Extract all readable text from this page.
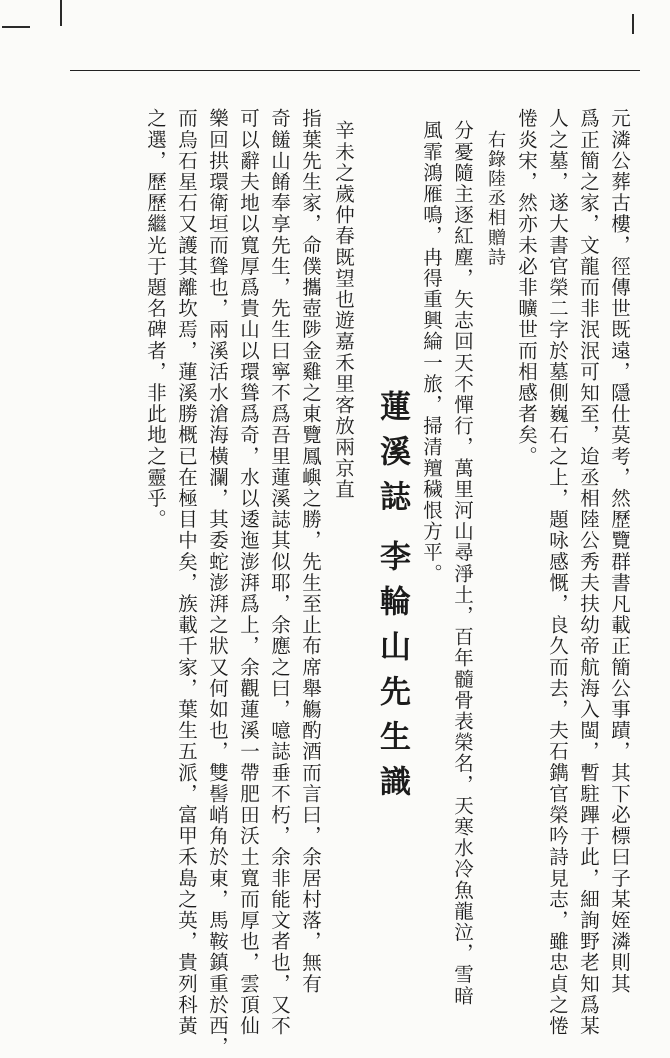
元潾公葬古樓，徑傳世既遠，隱仕莫考，然歷覽群書凡載正簡公事蹟，其下必標曰子某姪潾則其
爲正簡之家，文龍而非泯泯可知至，迨丞相陸公秀夫扶幼帝航海入閩，暫駐蹕于此，細詢野老知爲某
人之墓，遂大書官榮二字於墓側巍石之上，題咏感慨，良久而去，夫石鐫官榮吟詩見志，雖忠貞之惓
惓炎宋，然亦未必非曠世而相感者矣。
右錄陸丞相贈詩
分憂隨主逐紅塵，矢志回天不憚行，萬里河山尋淨土，百年髓骨表榮名，天寒水冷魚龍泣，雪暗
風霏鴻雁鳴，冉得重興綸一旅，掃清羶穢恨方平。
蓮溪誌
李輪山先生識
辛未之歲仲春既望也遊嘉禾里客放兩京直
指葉先生家，命僕攜壺陟金雞之東覽鳳嶼之勝，先生至止布席舉觴酌酒而言曰，余居村落，無有
奇饈山餚奉享先生，先生曰寧不爲吾里蓮溪誌其似耶，余應之曰，噫誌垂不朽，余非能文者也，又不
可以辭夫地以寬厚爲貴山以環聳爲奇，水以逶迤澎湃爲上，余觀蓮溪一帶肥田沃土寬而厚也，雲頂仙
樂回拱環衛垣而聳也，兩溪活水滄海橫瀾，其委蛇澎湃之狀又何如也，雙髻峭角於東，馬鞍鎮重於西，
而烏石星石又護其離坎焉，蓮溪勝概已在極目中矣，族載千家，葉生五派，富甲禾島之英，貴列科黃
之選，歷歷繼光于題名碑者，非此地之靈乎。
